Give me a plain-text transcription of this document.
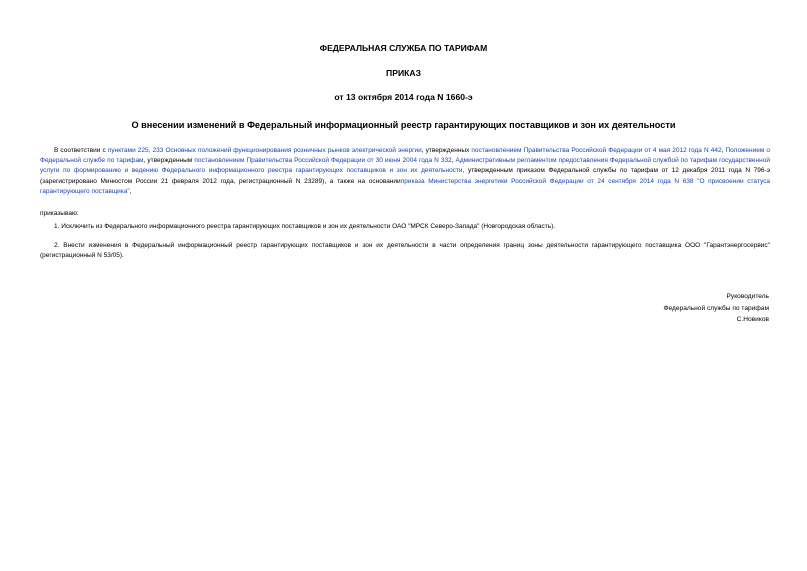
ФЕДЕРАЛЬНАЯ СЛУЖБА ПО ТАРИФАМ
ПРИКАЗ
от 13 октября 2014 года N 1660-э
О внесении изменений в Федеральный информационный реестр гарантирующих поставщиков и зон их деятельности
В соответствии с пунктами 225, 233 Основных положений функционирования розничных рынков электрической энергии, утвержденных постановлением Правительства Российской Федерации от 4 мая 2012 года N 442, Положением о Федеральной службе по тарифам, утвержденным постановлением Правительства Российской Федерации от 30 июня 2004 года N 332, Административным регламентом предоставления Федеральной службой по тарифам государственной услуги по формированию и ведению Федерального информационного реестра гарантирующих поставщиков и зон их деятельности, утвержденным приказом Федеральной службы по тарифам от 12 декабря 2011 года N 796-э (зарегистрировано Минюстом России 21 февраля 2012 года, регистрационный N 23289), а также на основанииприказа Министерства энергетики Российской Федерации от 24 сентября 2014 года N 638 "О присвоении статуса гарантирующего поставщика",
приказываю:
1. Исключить из Федерального информационного реестра гарантирующих поставщиков и зон их деятельности ОАО "МРСК Северо-Запада" (Новгородская область).
2. Внести изменения в Федеральный информационный реестр гарантирующих поставщиков и зон их деятельности в части определения границ зоны деятельности гарантирующего поставщика ООО "Гарантэнергосервис" (регистрационный N 53/05).
Руководитель
Федеральной службы по тарифам
С.Новиков
